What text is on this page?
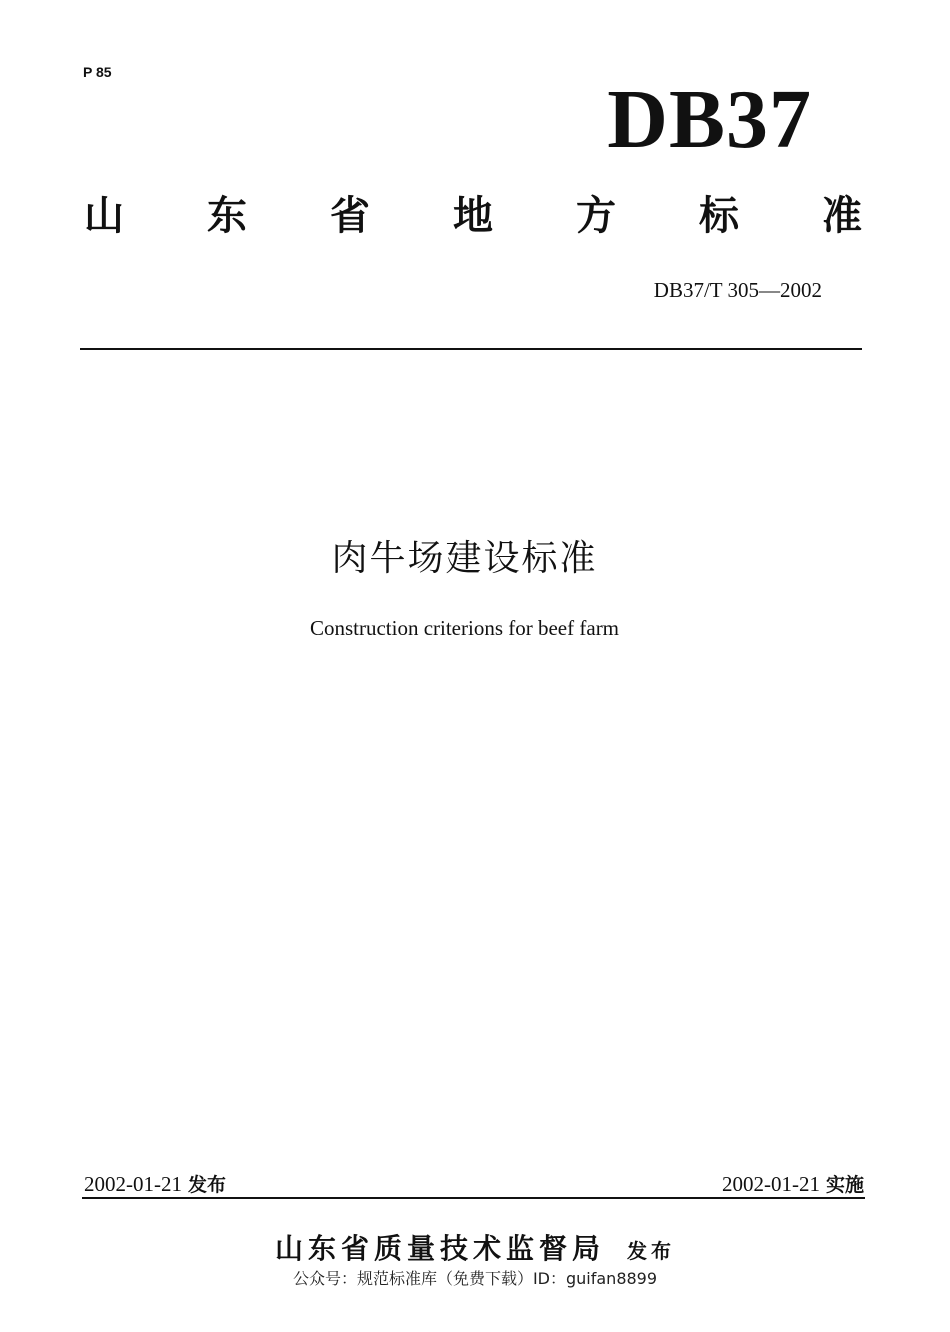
P 85
DB37
山 东 省 地 方 标 准
DB37/T 305—2002
肉牛场建设标准
Construction criterions for beef farm
2002-01-21 发布	2002-01-21 实施
山东省质量技术监督局 发布
公众号：规范标准库（免费下载）ID：guifan8899
